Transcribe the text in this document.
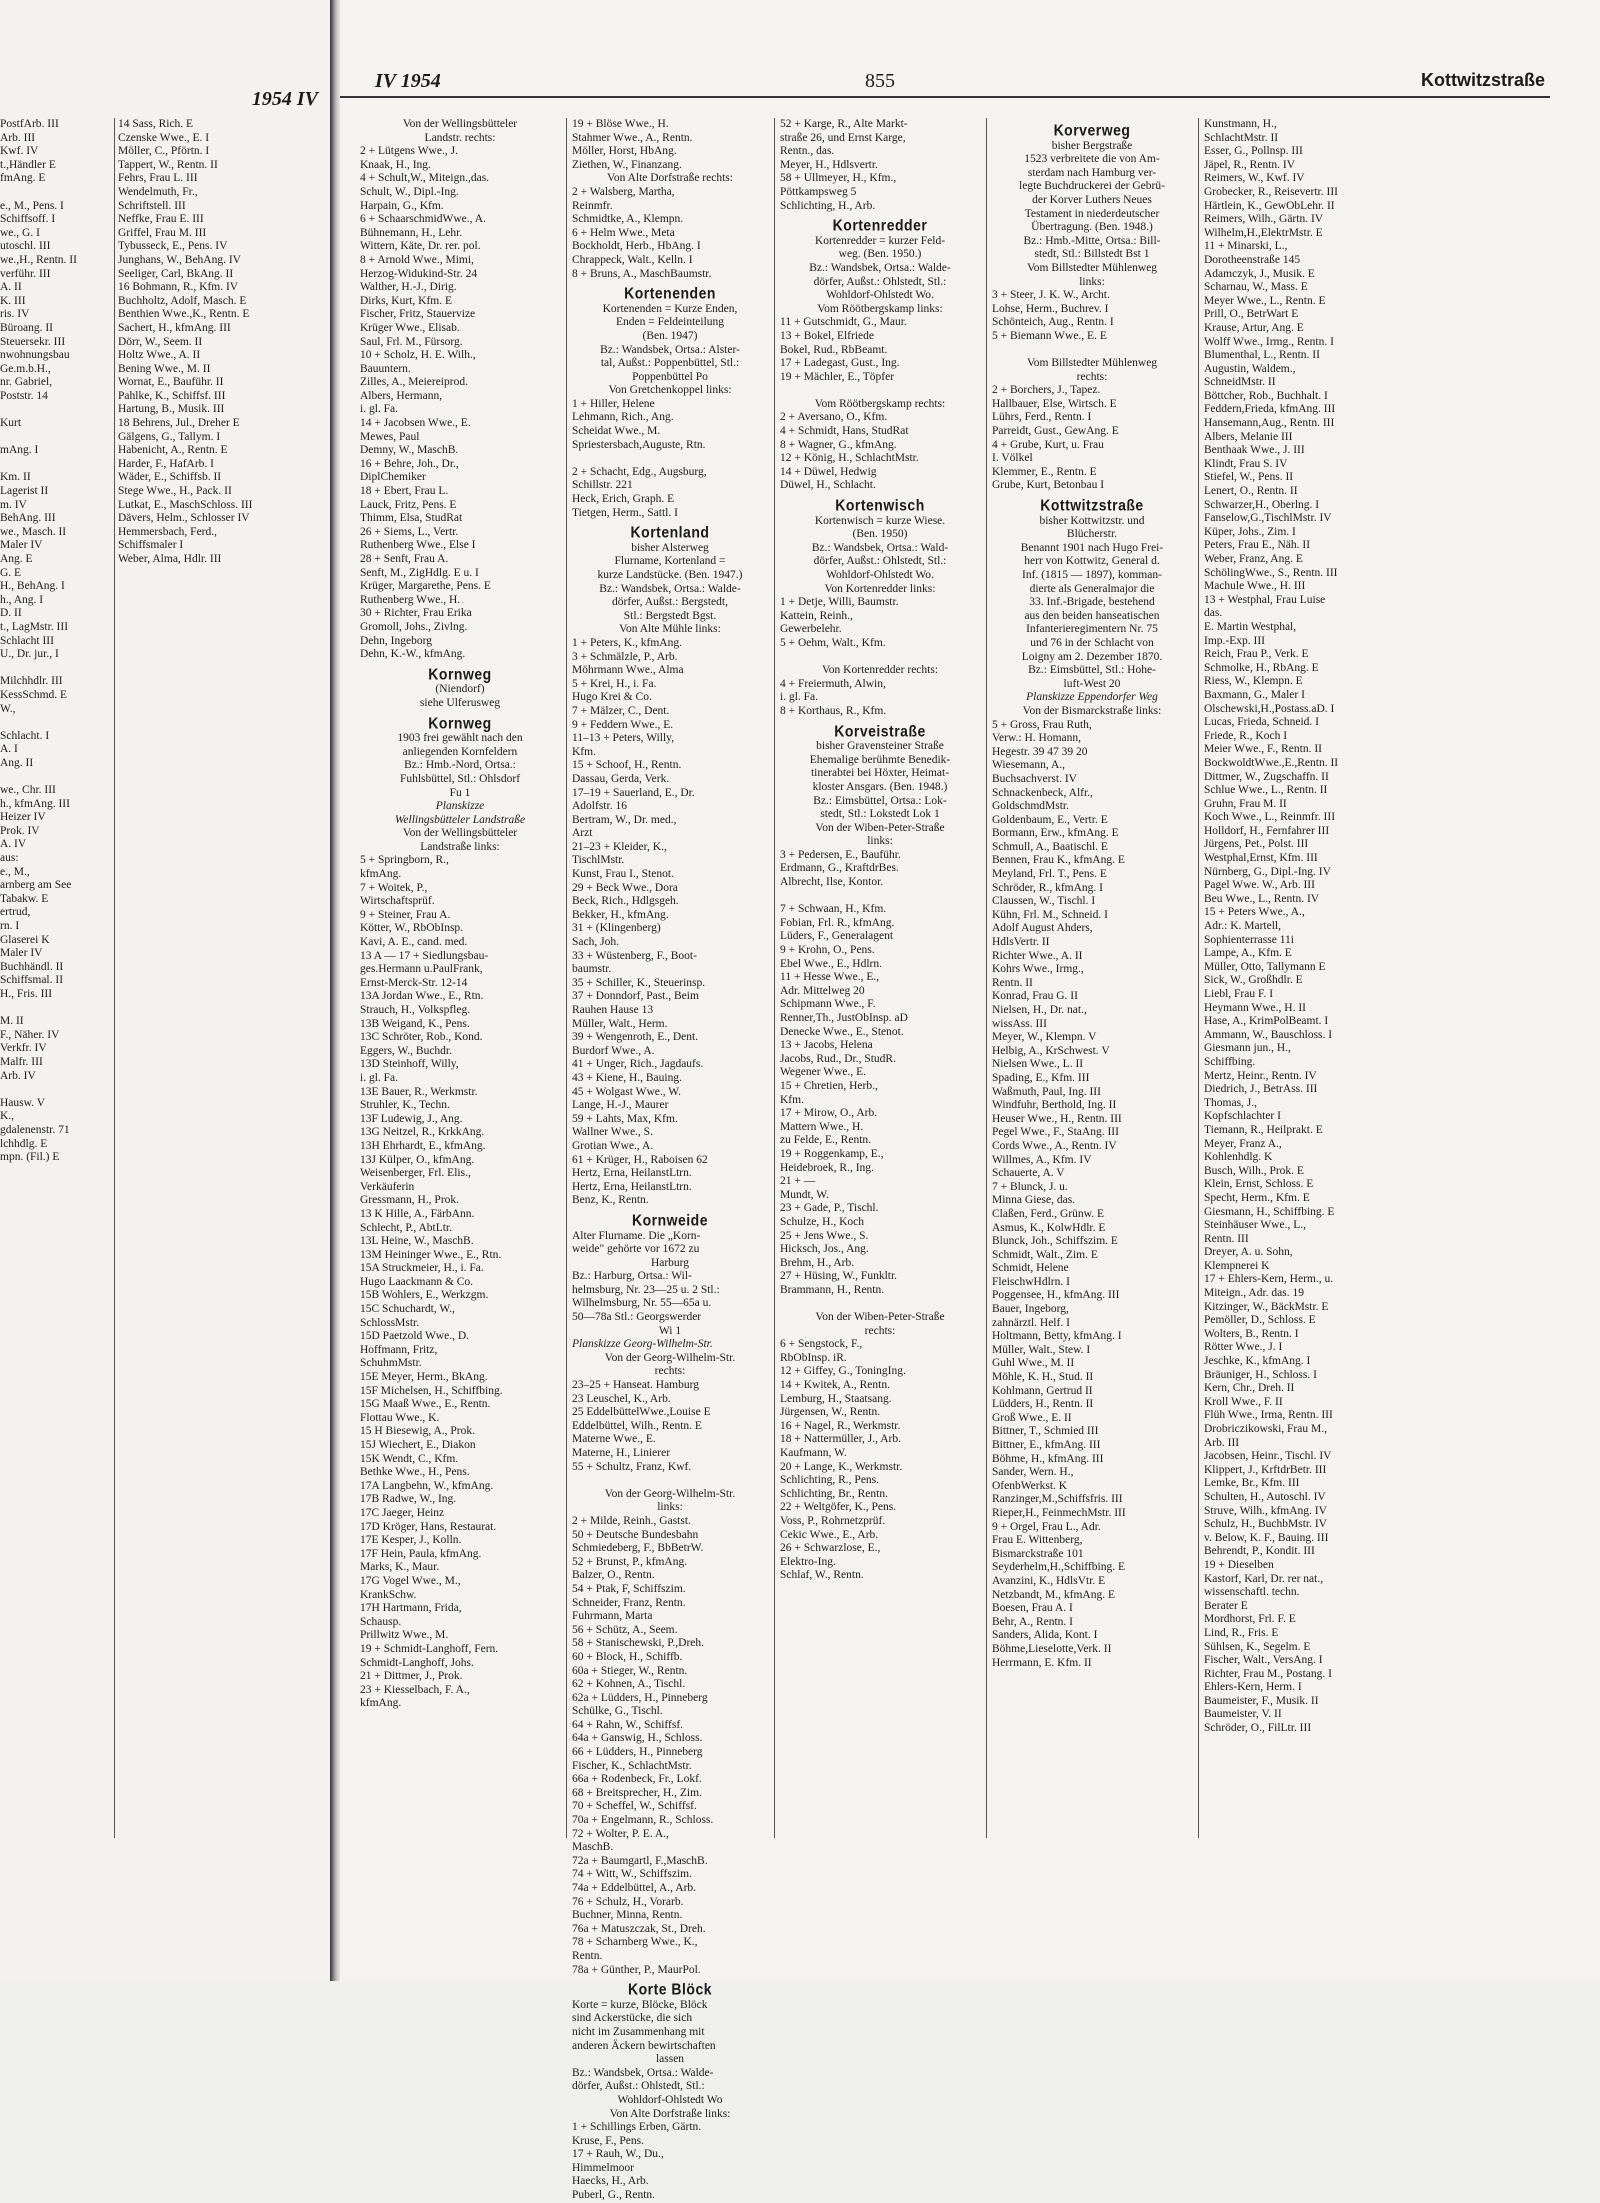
1954 IV
PostfArb. III
Arb. III
Kwf. IV
t.,Händler E
fmAng. E

e., M., Pens. I
Schiffsoff. I
we., G. I
utoschl. III
we.,H., Rentn. II
verführ. III
A. II
K. III
ris. IV
Büroang. II
Steuersekr. III
nwohnungsbau
Ge.m.b.H.,
nr. Gabriel,
Poststr. 14

Kurt

mAng. I

Km. II
Lagerist II
m. IV
BehAng. III
we., Masch. II
Maler IV
Ang. E
G. E
H., BehAng. I
h., Ang. I
D. II
t., LagMstr. III
Schlacht III
U., Dr. jur., I

Milchhdlr. III
KessSchmd. E
W.,

Schlacht. I
A. I
Ang. II

we., Chr. III
h., kfmAng. III
Heizer IV
Prok. IV
A. IV
aus:
e., M.,
arnberg am See
Tabakw. E
ertrud,
rn. I
Glaserei K
Maler IV
Buchhändl. II
Schiffsmal. II
H., Fris. III

M. II
F., Näher. IV
Verkfr. IV
Malfr. III
Arb. IV

Hausw. V
K.,
gdalenenstr. 71
lchhdlg. E
mpn. (Fil.) E
14 Sass, Rich. E
Czenske Wwe., E. I
Möller, C., Pförtn. I
Tappert, W., Rentn. II
Fehrs, Frau L. III
Wendelmuth, Fr.,
Schriftstell. III
Neffke, Frau E. III
Griffel, Frau M. III
Tybusseck, E., Pens. IV
Junghans, W., BehAng. IV
Seeliger, Carl, BkAng. II
16 Bohmann, R., Kfm. IV
Buchholtz, Adolf, Masch. E
Benthien Wwe.,K., Rentn. E
Sachert, H., kfmAng. III
Dörr, W., Seem. II
Holtz Wwe., A. II
Bening Wwe., M. II
Wornat, E., Bauführ. II
Pahlke, K., Schiffsf. III
Hartung, B., Musik. III
18 Behrens, Jul., Dreher E
Gälgens, G., Tallym. I
Habenicht, A., Rentn. E
Harder, F., HafArb. I
Wäder, E., Schiffsb. II
Stege Wwe., H., Pack. II
Lutkat, E., MaschSchloss. III
Dävers, Helm., Schlosser IV
Hemmersbach, Ferd.,
Schiffsmaler I
Weber, Alma, Hdlr. III
IV 1954	855	Kottwitzstraße
Von der Wellingsbütteler
Landstr. rechts:
2 + Lütgens Wwe., J.
Knaak, H., Ing.
4 + Schult,W., Miteign.,das.
Schult, W., Dipl.-Ing.
Harpain, G., Kfm.
6 + SchaarschmidWwe., A.
Bühnemann, H., Lehr.
Wittern, Käte, Dr. rer. pol.
8 + Arnold Wwe., Mimi,
Herzog-Widukind-Str. 24
Walther, H.-J., Dirig.
Dirks, Kurt, Kfm. E
Fischer, Fritz, Stauervize
Krüger Wwe., Elisab.
Saul, Frl. M., Fürsorg.
10 + Scholz, H. E. Wilh.,
Bauuntern.
Zilles, A., Meiereiprod.
Albers, Hermann,
i. gl. Fa.
14 + Jacobsen Wwe., E.
Mewes, Paul
Demny, W., MaschB.
16 + Behre, Joh., Dr.,
DiplChemiker
18 + Ebert, Frau L.
Lauck, Fritz, Pens. E
Thimm, Elsa, StudRat
26 + Siems, L., Vertr.
Ruthenberg Wwe., Else I
28 + Senft, Frau A.
Senft, M., ZigHdlg. E u. I
Krüger, Margarethe, Pens. E
Ruthenberg Wwe., H.
30 + Richter, Frau Erika
Gromoll, Johs., Zivlng.
Dehn, Ingeborg
Dehn, K.-W., kfmAng.
Kornweg
(Niendorf)
siehe Ulferusweg
Kornweg
1903 frei gewählt nach den
anliegenden Kornfeldern
Bz.: Hmb.-Nord, Ortsa.:
Fuhlsbüttel, Stl.: Ohlsdorf
Fu 1
Planskizze
Wellingsbütteler Landstraße
Von der Wellingsbütteler
Landstraße links:
5 + Springborn, R.,
kfmAng.
7 + Woitek, P.,
Wirtschaftsprüf.
9 + Steiner, Frau A.
Kötter, W., RbObInsp.
Kavi, A. E., cand. med.
13 A — 17 + Siedlungsbau-
ges.Hermann u.PaulFrank,
Ernst-Merck-Str. 12-14
13A Jordan Wwe., E., Rtn.
Strauch, H., Volkspfleg.
13B Weigand, K., Pens.
13C Schröter, Rob., Kond.
Eggers, W., Buchdr.
13D Steinhoff, Willy,
i. gl. Fa.
13E Bauer, R., Werkmstr.
Struhler, K., Techn.
13F Ludewig, J., Ang.
13G Neitzel, R., KrkkAng.
13H Ehrhardt, E., kfmAng.
13J Külper, O., kfmAng.
Weisenberger, Frl. Elis.,
Verkäuferin
Gressmann, H., Prok.
13 K Hille, A., FärbAnn.
Schlecht, P., AbtLtr.
13L Heine, W., MaschB.
13M Heininger Wwe., E., Rtn.
15A Struckmeier, H., i. Fa.
Hugo Laackmann & Co.
15B Wohlers, E., Werkzgm.
15C Schuchardt, W.,
SchlossMstr.
15D Paetzold Wwe., D.
Hoffmann, Fritz,
SchuhmMstr.
15E Meyer, Herm., BkAng.
15F Michelsen, H., Schiffbing.
15G Maaß Wwe., E., Rentn.
Flottau Wwe., K.
15 H Biesewig, A., Prok.
15J Wiechert, E., Diakon
15K Wendt, C., Kfm.
Bethke Wwe., H., Pens.
17A Langbehn, W., kfmAng.
17B Radwe, W., Ing.
17C Jaeger, Heinz
17D Kröger, Hans, Restaurat.
17E Kesper, J., Kolln.
17F Hein, Paula, kfmAng.
Marks, K., Maur.
17G Vogel Wwe., M.,
KrankSchw.
17H Hartmann, Frida,
Schausp.
Prillwitz Wwe., M.
19 + Schmidt-Langhoff, Fern.
Schmidt-Langhoff, Johs.
21 + Dittmer, J., Prok.
23 + Kiesselbach, F. A.,
kfmAng.
19 + Blöse Wwe., H.
Stahmer Wwe., A., Rentn.
Möller, Horst, HbAng.
Ziethen, W., Finanzang.
Von Alte Dorfstraße rechts:
2 + Walsberg, Martha,
Reinmfr.
Schmidtke, A., Klempn.
6 + Helm Wwe., Meta
Bockholdt, Herb., HbAng. I
Chrappeck, Walt., Kelln. I
8 + Bruns, A., MaschBaumstr.
Kortenenden
Kortenenden = Kurze Enden,
Enden = Feldeinteilung
(Ben. 1947)
Bz.: Wandsbek, Ortsa.: Alster-
tal, Außst.: Poppenbüttel, Stl.:
Poppenbüttel Po
Von Gretchenkoppel links:
1 + Hiller, Helene
Lehmann, Rich., Ang.
Scheidat Wwe., M.
Spriestersbach,Auguste, Rtn.

2 + Schacht, Edg., Augsburg,
Schillstr. 221
Heck, Erich, Graph. E
Tietgen, Herm., Sattl. I
Kortenland
bisher Alsterweg
Flurname, Kortenland =
kurze Landstücke. (Ben. 1947.)
Bz.: Wandsbek, Ortsa.: Walde-
dörfer, Außst.: Bergstedt,
Stl.: Bergstedt Bgst.
Von Alte Mühle links:
1 + Peters, K., kfmAng.
3 + Schmälzle, P., Arb.
Möhrmann Wwe., Alma
5 + Krei, H., i. Fa.
Hugo Krei & Co.
7 + Mälzer, C., Dent.
9 + Feddern Wwe., E.
11–13 + Peters, Willy,
Kfm.
15 + Schoof, H., Rentn.
Dassau, Gerda, Verk.
17–19 + Sauerland, E., Dr.
Adolfstr. 16
Bertram, W., Dr. med.,
Arzt
21–23 + Kleider, K.,
TischlMstr.
Kunst, Frau I., Stenot.
29 + Beck Wwe., Dora
Beck, Rich., Hdlgsgeh.
Bekker, H., kfmAng.
31 + (Klingenberg)
Sach, Joh.
33 + Wüstenberg, F., Boot-
baumstr.
35 + Schiller, K., Steuerinsp.
37 + Donndorf, Past., Beim
Rauhen Hause 13
Müller, Walt., Herm.
39 + Wengenroth, E., Dent.
Burdorf Wwe., A.
41 + Unger, Rich., Jagdaufs.
43 + Kiene, H., Bauing.
45 + Wolgast Wwe., W.
Lange, H.-J., Maurer
59 + Lahts, Max, Kfm.
Wallner Wwe., S.
Grotian Wwe., A.
61 + Krüger, H., Raboisen 62
Hertz, Erna, HeilanstLtrn.
Hertz, Erna, HeilanstLtrn.
Benz, K., Rentn.
Kornweide
Alter Flurname. Die „Korn-
weide" gehörte vor 1672 zu
Harburg
Bz.: Harburg, Ortsa.: Wil-
helmsburg, Nr. 23—25 u. 2 Stl.:
Wilhelmsburg, Nr. 55—65a u.
50—78a Stl.: Georgswerder
Wi 1
Planskizze Georg-Wilhelm-Str.
Von der Georg-Wilhelm-Str.
rechts:
23–25 + Hanseat. Hamburg
23 Leuschel, K., Arb.
25 EddelbüttelWwe.,Louise E
Eddelbüttel, Wilh., Rentn. E
Materne Wwe., E.
Materne, H., Linierer
55 + Schultz, Franz, Kwf.

Von der Georg-Wilhelm-Str.
links:
2 + Milde, Reinh., Gastst.
50 + Deutsche Bundesbahn
Schmiedeberg, F., BbBetrW.
52 + Brunst, P., kfmAng.
Balzer, O., Rentn.
54 + Ptak, F, Schiffszim.
Schneider, Franz, Rentn.
Fuhrmann, Marta
56 + Schütz, A., Seem.
58 + Stanischewski, P.,Dreh.
60 + Block, H., Schiffb.
60a + Stieger, W., Rentn.
62 + Kohnen, A., Tischl.
62a + Lüdders, H., Pinneberg
Schülke, G., Tischl.
64 + Rahn, W., Schiffsf.
64a + Ganswig, H., Schloss.
66 + Lüdders, H., Pinneberg
Fischer, K., SchlachtMstr.
66a + Rodenbeck, Fr., Lokf.
68 + Breitsprecher, H., Zim.
70 + Scheffel, W., Schiffsf.
70a + Engelmann, R., Schloss.
72 + Wolter, P. E. A.,
MaschB.
72a + Baumgartl, F.,MaschB.
74 + Witt, W., Schiffszim.
74a + Eddelbüttel, A., Arb.
76 + Schulz, H., Vorarb.
Buchner, Minna, Rentn.
76a + Matuszczak, St., Dreh.
78 + Scharnberg Wwe., K.,
Rentn.
78a + Günther, P., MaurPol.
Korte Blöck
Korte = kurze, Blöcke, Blöck
sind Ackerstücke, die sich
nicht im Zusammenhang mit
anderen Äckern bewirtschaften
lassen
Bz.: Wandsbek, Ortsa.: Walde-
dörfer, Außst.: Ohlstedt, Stl.:
Wohldorf-Ohlstedt Wo
Von Alte Dorfstraße links:
1 + Schillings Erben, Gärtn.
Kruse, F., Pens.
17 + Rauh, W., Du.,
Himmelmoor
Haecks, H., Arb.
Puberl, G., Rentn.
52 + Karge, R., Alte Markt-
straße 26, und Ernst Karge,
Rentn., das.
Meyer, H., Hdlsvertr.
58 + Ullmeyer, H., Kfm.,
Pöttkampsweg 5
Schlichting, H., Arb.
Kortenredder
Kortenredder = kurzer Feld-
weg. (Ben. 1950.)
Bz.: Wandsbek, Ortsa.: Walde-
dörfer, Außst.: Ohlstedt, Stl.:
Wohldorf-Ohlstedt Wo.
Vom Röötbergskamp links:
11 + Gutschmidt, G., Maur.
13 + Bokel, Elfriede
Bokel, Rud., RbBeamt.
17 + Ladegast, Gust., Ing.
19 + Mächler, E., Töpfer

Vom Röötbergskamp rechts:
2 + Aversano, O., Kfm.
4 + Schmidt, Hans, StudRat
8 + Wagner, G., kfmAng.
12 + König, H., SchlachtMstr.
14 + Düwel, Hedwig
Düwel, H., Schlacht.
Kortenwisch
Kortenwisch = kurze Wiese.
(Ben. 1950)
Bz.: Wandsbek, Ortsa.: Wald-
dörfer, Außst.: Ohlstedt, Stl.:
Wohldorf-Ohlstedt Wo.
Von Kortenredder links:
1 + Detje, Willi, Baumstr.
Kattein, Reinh.,
Gewerbelehr.
5 + Oehm, Walt., Kfm.

Von Kortenredder rechts:
4 + Freiermuth, Alwin,
i. gl. Fa.
8 + Korthaus, R., Kfm.
Korveistraße
bisher Gravensteiner Straße
Ehemalige berühmte Benedik-
tinerabtei bei Höxter, Heimat-
kloster Ansgars. (Ben. 1948.)
Bz.: Eimsbüttel, Ortsa.: Lok-
stedt, Stl.: Lokstedt Lok 1
Von der Wiben-Peter-Straße
links:
3 + Pedersen, E., Bauführ.
Erdmann, G., KraftdrBes.
Albrecht, Ilse, Kontor.

7 + Schwaan, H., Kfm.
Fobian, Frl. R., kfmAng.
Lüders, F., Generalagent
9 + Krohn, O., Pens.
Ebel Wwe., E., Hdlrn.
11 + Hesse Wwe., E.,
Adr. Mittelweg 20
Schipmann Wwe., F.
Renner,Th., JustObInsp. aD
Denecke Wwe., E., Stenot.
13 + Jacobs, Helena
Jacobs, Rud., Dr., StudR.
Wegener Wwe., E.
15 + Chretien, Herb.,
Kfm.
17 + Mirow, O., Arb.
Mattern Wwe., H.
zu Felde, E., Rentn.
19 + Roggenkamp, E.,
Heidebroek, R., Ing.
21 + —
Mundt, W.
23 + Gade, P., Tischl.
Schulze, H., Koch
25 + Jens Wwe., S.
Hicksch, Jos., Ang.
Brehm, H., Arb.
27 + Hüsing, W., Funkltr.
Brammann, H., Rentn.

Von der Wiben-Peter-Straße
rechts:
6 + Sengstock, F.,
RbObInsp. iR.
12 + Giffey, G., ToningIng.
14 + Kwitek, A., Rentn.
Lemburg, H., Staatsang.
Jürgensen, W., Rentn.
16 + Nagel, R., Werkmstr.
18 + Nattermüller, J., Arb.
Kaufmann, W.
20 + Lange, K., Werkmstr.
Schlichting, R., Pens.
Schlichting, Br., Rentn.
22 + Weltgöfer, K., Pens.
Voss, P., Rohrnetzprüf.
Cekic Wwe., E., Arb.
26 + Schwarzlose, E.,
Elektro-Ing.
Schlaf, W., Rentn.
Korverweg
bisher Bergstraße
1523 verbreitete die von Am-
sterdam nach Hamburg ver-
legte Buchdruckerei der Gebrü-
der Korver Luthers Neues
Testament in niederdeutscher
Übertragung. (Ben. 1948.)
Bz.: Hmb.-Mitte, Ortsa.: Bill-
stedt, Stl.: Billstedt Bst 1
Vom Billstedter Mühlenweg
links:
3 + Steer, J. K. W., Archt.
Lohse, Herm., Buchrev. I
Schönteich, Aug., Rentn. I
5 + Biemann Wwe., E. E

Vom Billstedter Mühlenweg
rechts:
2 + Borchers, J., Tapez.
Hallbauer, Else, Wirtsch. E
Lührs, Ferd., Rentn. I
Parreidt, Gust., GewAng. E
4 + Grube, Kurt, u. Frau
I. Völkel
Klemmer, E., Rentn. E
Grube, Kurt, Betonbau I
Kottwitzstraße
bisher Kottwitzstr. und
Blücherstr.
Benannt 1901 nach Hugo Frei-
herr von Kottwitz, General d.
Inf. (1815 — 1897), komman-
dierte als Generalmajor die
33. Inf.-Brigade, bestehend
aus den beiden hanseatischen
Infanterieregimentern Nr. 75
und 76 in der Schlacht von
Loigny am 2. Dezember 1870.
Bz.: Eimsbüttel, Stl.: Hohe-
luft-West 20
Planskizze Eppendorfer Weg
Von der Bismarckstraße links:
5 + Gross, Frau Ruth,
Verw.: H. Homann,
Hegestr. 39 47 39 20
Wiesemann, A.,
Buchsachverst. IV
Schnackenbeck, Alfr.,
GoldschmdMstr.
Goldenbaum, E., Vertr. E
Bormann, Erw., kfmAng. E
Schmull, A., Baatischl. E
Bennen, Frau K., kfmAng. E
Meyland, Frl. T., Pens. E
Schröder, R., kfmAng. I
Claussen, W., Tischl. I
Kühn, Frl. M., Schneid. I
Adolf August Ahders,
HdlsVertr. II
Richter Wwe., A. II
Kohrs Wwe., Irmg.,
Rentn. II
Konrad, Frau G. II
Nielsen, H., Dr. nat.,
wissAss. III
Meyer, W., Klempn. V
Helbig, A., KrSchwest. V
Nielsen Wwe., L. II
Spading, E., Kfm. III
Waßmuth, Paul, Ing. III
Windfuhr, Berthold, Ing. II
Heuser Wwe., H., Rentn. III
Pegel Wwe., F., StaAng. III
Cords Wwe., A., Rentn. IV
Willmes, A., Kfm. IV
Schauerte, A. V
7 + Blunck, J. u.
Minna Giese, das.
Claßen, Ferd., Grünw. E
Asmus, K., KolwHdlr. E
Blunck, Joh., Schiffszim. E
Schmidt, Walt., Zim. E
Schmidt, Helene
FleischwHdlrn. I
Poggensee, H., kfmAng. III
Bauer, Ingeborg,
zahnärztl. Helf. I
Holtmann, Betty, kfmAng. I
Müller, Walt., Stew. I
Guhl Wwe., M. II
Möhle, K. H., Stud. II
Kohlmann, Gertrud II
Lüdders, H., Rentn. II
Groß Wwe., E. II
Bittner, T., Schmied III
Bittner, E., kfmAng. III
Böhme, H., kfmAng. III
Sander, Wern. H.,
OfenbWerkst. K
Ranzinger,M.,Schiffsfris. III
Rieper,H., FeinmechMstr. III
9 + Orgel, Frau L., Adr.
Frau E. Wittenberg,
Bismarckstraße 101
Seyderhelm,H.,Schiffbing. E
Avanzini, K., HdlsVtr. E
Netzbandt, M., kfmAng. E
Boesen, Frau A. I
Behr, A., Rentn. I
Sanders, Alida, Kont. I
Böhme,Lieselotte,Verk. II
Herrmann, E. Kfm. II
Kunstmann, H.,
SchlachtMstr. II
Esser, G., Pollnsp. III
Jäpel, R., Rentn. IV
Reimers, W., Kwf. IV
Grobecker, R., Reisevertr. III
Härtlein, K., GewObLehr. II
Reimers, Wilh., Gärtn. IV
Wilhelm,H.,ElektrMstr. E
11 + Minarski, L.,
Dorotheenstraße 145
Adamczyk, J., Musik. E
Scharnau, W., Mass. E
Meyer Wwe., L., Rentn. E
Prill, O., BetrWart E
Krause, Artur, Ang. E
Wolff Wwe., Irmg., Rentn. I
Blumenthal, L., Rentn. II
Augustin, Waldem.,
SchneidMstr. II
Böttcher, Rob., Buchhalt. I
Feddern,Frieda, kfmAng. III
Hansemann,Aug., Rentn. III
Albers, Melanie III
Benthaak Wwe., J. III
Klindt, Frau S. IV
Stiefel, W., Pens. II
Lenert, O., Rentn. II
Schwarzer,H., Oberlng. I
Fanselow,G.,TischlMstr. IV
Küper, Johs., Zim. I
Peters, Frau E., Näh. II
Weber, Franz, Ang. E
SchölingWwe., S., Rentn. III
Machule Wwe., H. III
13 + Westphal, Frau Luise
das.
E. Martin Westphal,
Imp.-Exp. III
Reich, Frau P., Verk. E
Schmolke, H., RbAng. E
Riess, W., Klempn. E
Baxmann, G., Maler I
Olschewski,H.,Postass.aD. I
Lucas, Frieda, Schneid. I
Friede, R., Koch I
Meier Wwe., F., Rentn. II
BockwoldtWwe.,E.,Rentn. II
Dittmer, W., Zugschaffn. II
Schlue Wwe., L., Rentn. II
Gruhn, Frau M. II
Koch Wwe., L., Reinmfr. III
Holldorf, H., Fernfahrer III
Jürgens, Pet., Polst. III
Westphal,Ernst, Kfm. III
Nürnberg, G., Dipl.-Ing. IV
Pagel Wwe. W., Arb. III
Beu Wwe., L., Rentn. IV
15 + Peters Wwe., A.,
Adr.: K. Martell,
Sophienterrasse 11i
Lampe, A., Kfm. E
Müller, Otto, Tallymann E
Sick, W., Großhdlr. E
Liebl, Frau F. I
Heymann Wwe., H. II
Hase, A., KrimPolBeamt. I
Ammann, W., Bauschloss. I
Giesmann jun., H.,
Schiffbing.
Mertz, Heinr., Rentn. IV
Diedrich, J., BetrAss. III
Thomas, J.,
Kopfschlachter I
Tiemann, R., Heilprakt. E
Meyer, Franz A.,
Kohlenhdlg. K
Busch, Wilh., Prok. E
Klein, Ernst, Schloss. E
Specht, Herm., Kfm. E
Giesmann, H., Schiffbing. E
Steinhäuser Wwe., L.,
Rentn. III
Dreyer, A. u. Sohn,
Klempnerei K
17 + Ehlers-Kern, Herm., u.
Miteign., Adr. das. 19
Kitzinger, W., BäckMstr. E
Pemöller, D., Schloss. E
Wolters, B., Rentn. I
Rötter Wwe., J. I
Jeschke, K., kfmAng. I
Bräuniger, H., Schloss. I
Kern, Chr., Dreh. II
Kroll Wwe., F. II
Flüh Wwe., Irma, Rentn. III
Drobriczikowski, Frau M.,
Arb. III
Jacobsen, Heinr., Tischl. IV
Klippert, J., KrftdrBetr. III
Lemke, Br., Kfm. III
Schulten, H., Autoschl. IV
Struve, Wilh., kfmAng. IV
Schulz, H., BuchbMstr. IV
v. Below, K. F., Bauing. III
Behrendt, P., Kondit. III
19 + Dieselben
Kastorf, Karl, Dr. rer nat.,
wissenschaftl. techn.
Berater E
Mordhorst, Frl. F. E
Lind, R., Fris. E
Sühlsen, K., Segelm. E
Fischer, Walt., VersAng. I
Richter, Frau M., Postang. I
Ehlers-Kern, Herm. I
Baumeister, F., Musik. II
Baumeister, V. II
Schröder, O., FilLtr. III
